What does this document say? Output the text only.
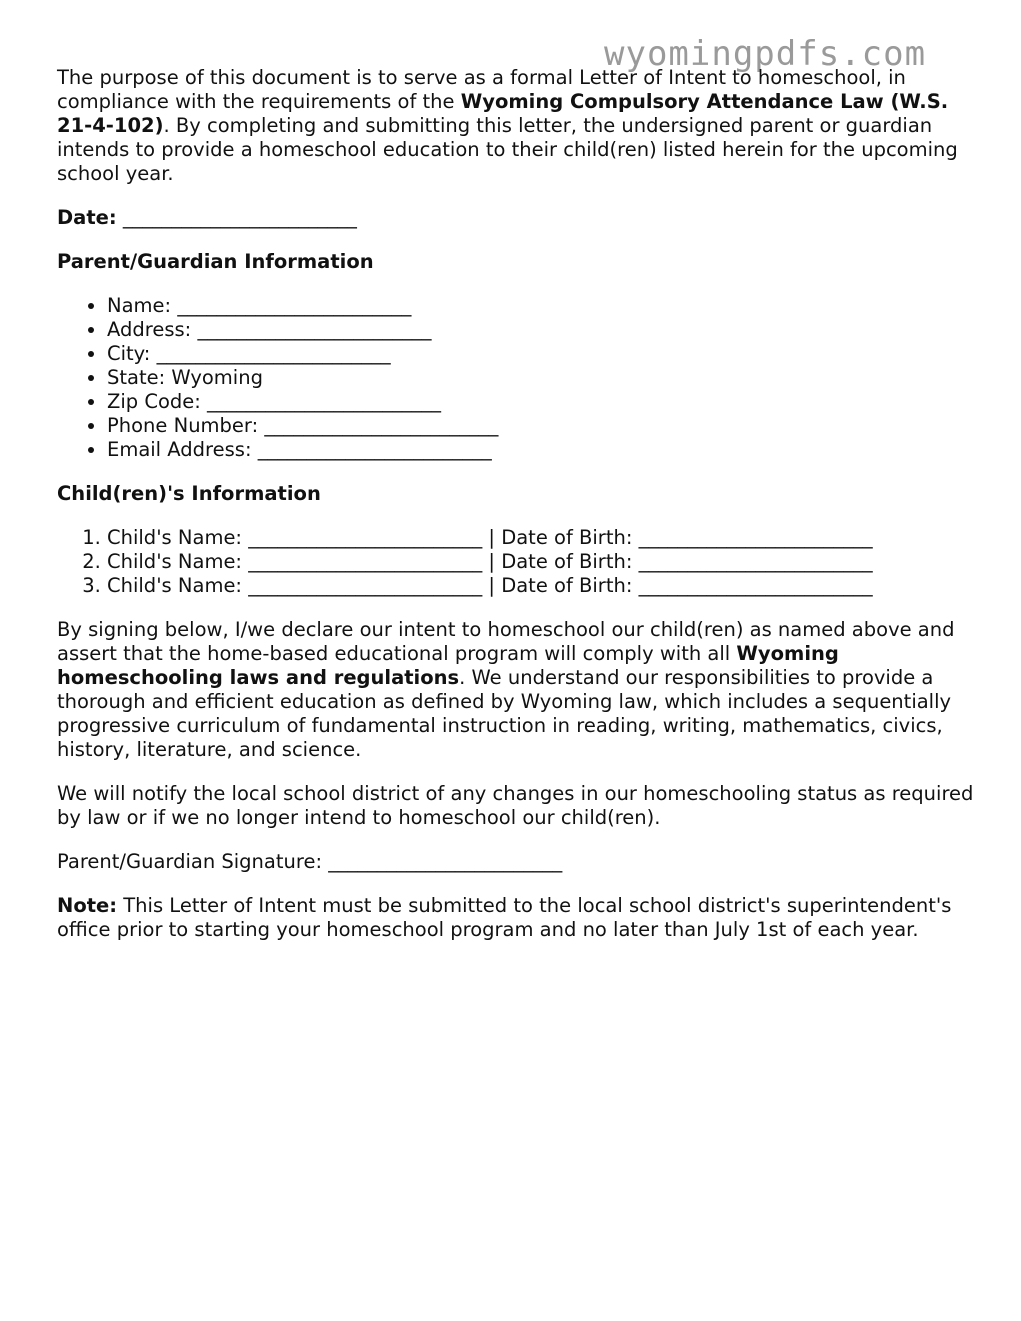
wyomingpdfs.com

The purpose of this document is to serve as a formal Letter of Intent to homeschool, in compliance with the requirements of the Wyoming Compulsory Attendance Law (W.S. 21-4-102). By completing and submitting this letter, the undersigned parent or guardian intends to provide a homeschool education to their child(ren) listed herein for the upcoming school year.

Date: ________________________

Parent/Guardian Information
• Name: ________________________
• Address: ________________________
• City: ________________________
• State: Wyoming
• Zip Code: ________________________
• Phone Number: ________________________
• Email Address: ________________________
Child(ren)'s Information
1. Child's Name: ________________________ | Date of Birth: ________________________
2. Child's Name: ________________________ | Date of Birth: ________________________
3. Child's Name: ________________________ | Date of Birth: ________________________

By signing below, I/we declare our intent to homeschool our child(ren) as named above and assert that the home-based educational program will comply with all Wyoming homeschooling laws and regulations. We understand our responsibilities to provide a thorough and efficient education as defined by Wyoming law, which includes a sequentially progressive curriculum of fundamental instruction in reading, writing, mathematics, civics, history, literature, and science.

We will notify the local school district of any changes in our homeschooling status as required by law or if we no longer intend to homeschool our child(ren).

Parent/Guardian Signature: ________________________

Note: This Letter of Intent must be submitted to the local school district's superintendent's office prior to starting your homeschool program and no later than July 1st of each year.
